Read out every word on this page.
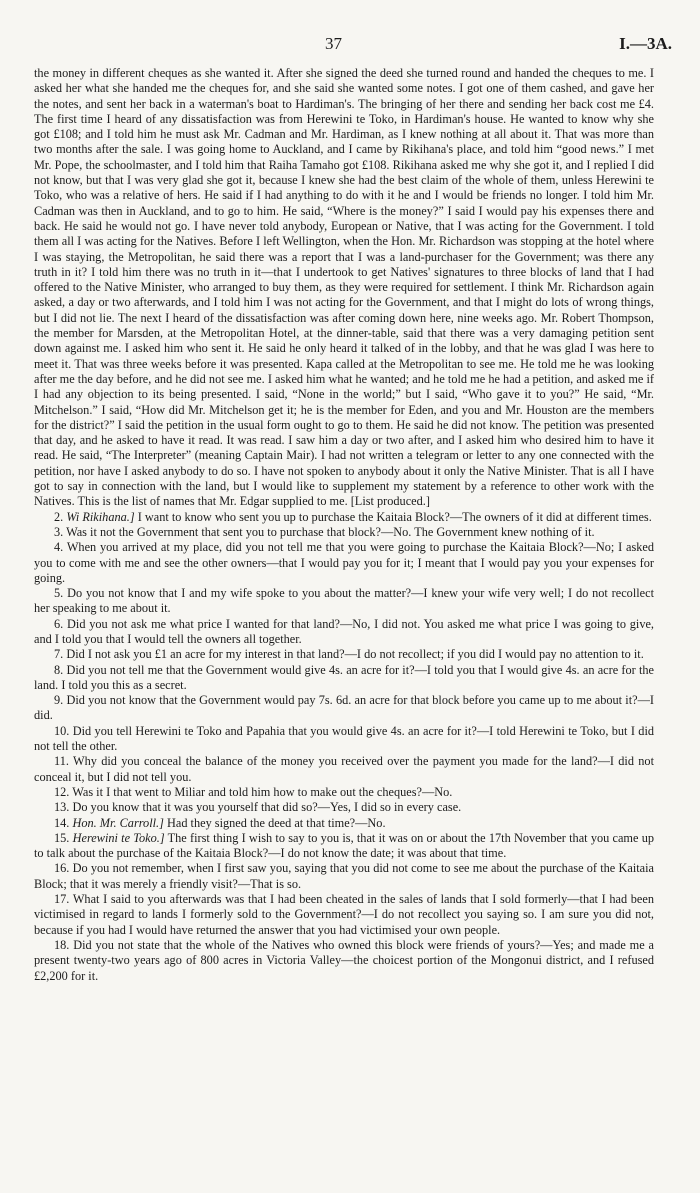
37	I.—3A.

the money in different cheques as she wanted it. After she signed the deed she turned round and handed the cheques to me. I asked her what she handed me the cheques for, and she said she wanted some notes. I got one of them cashed, and gave her the notes, and sent her back in a waterman's boat to Hardiman's. The bringing of her there and sending her back cost me £4. The first time I heard of any dissatisfaction was from Herewini te Toko, in Hardiman's house. He wanted to know why she got £108; and I told him he must ask Mr. Cadman and Mr. Hardiman, as I knew nothing at all about it. That was more than two months after the sale. I was going home to Auckland, and I came by Rikihana's place, and told him “good news.” I met Mr. Pope, the schoolmaster, and I told him that Raiha Tamaho got £108. Rikihana asked me why she got it, and I replied I did not know, but that I was very glad she got it, because I knew she had the best claim of the whole of them, unless Herewini te Toko, who was a relative of hers. He said if I had anything to do with it he and I would be friends no longer. I told him Mr. Cadman was then in Auckland, and to go to him. He said, “Where is the money?” I said I would pay his expenses there and back. He said he would not go. I have never told anybody, European or Native, that I was acting for the Government. I told them all I was acting for the Natives. Before I left Wellington, when the Hon. Mr. Richardson was stopping at the hotel where I was staying, the Metropolitan, he said there was a report that I was a land-purchaser for the Government; was there any truth in it? I told him there was no truth in it—that I undertook to get Natives' signatures to three blocks of land that I had offered to the Native Minister, who arranged to buy them, as they were required for settlement. I think Mr. Richardson again asked, a day or two afterwards, and I told him I was not acting for the Government, and that I might do lots of wrong things, but I did not lie. The next I heard of the dissatisfaction was after coming down here, nine weeks ago. Mr. Robert Thompson, the member for Marsden, at the Metropolitan Hotel, at the dinner-table, said that there was a very damaging petition sent down against me. I asked him who sent it. He said he only heard it talked of in the lobby, and that he was glad I was here to meet it. That was three weeks before it was presented. Kapa called at the Metropolitan to see me. He told me he was looking after me the day before, and he did not see me. I asked him what he wanted; and he told me he had a petition, and asked me if I had any objection to its being presented. I said, “None in the world;” but I said, “Who gave it to you?” He said, “Mr. Mitchelson.” I said, “How did Mr. Mitchelson get it; he is the member for Eden, and you and Mr. Houston are the members for the district?” I said the petition in the usual form ought to go to them. He said he did not know. The petition was presented that day, and he asked to have it read. It was read. I saw him a day or two after, and I asked him who desired him to have it read. He said, “The Interpreter” (meaning Captain Mair). I had not written a telegram or letter to any one connected with the petition, nor have I asked anybody to do so. I have not spoken to anybody about it only the Native Minister. That is all I have got to say in connection with the land, but I would like to supplement my statement by a reference to other work with the Natives. This is the list of names that Mr. Edgar supplied to me. [List produced.]

2. Wi Rikihana.] I want to know who sent you up to purchase the Kaitaia Block?—The owners of it did at different times.

3. Was it not the Government that sent you to purchase that block?—No. The Government knew nothing of it.

4. When you arrived at my place, did you not tell me that you were going to purchase the Kaitaia Block?—No; I asked you to come with me and see the other owners—that I would pay you for it; I meant that I would pay you your expenses for going.

5. Do you not know that I and my wife spoke to you about the matter?—I knew your wife very well; I do not recollect her speaking to me about it.

6. Did you not ask me what price I wanted for that land?—No, I did not. You asked me what price I was going to give, and I told you that I would tell the owners all together.

7. Did I not ask you £1 an acre for my interest in that land?—I do not recollect; if you did I would pay no attention to it.

8. Did you not tell me that the Government would give 4s. an acre for it?—I told you that I would give 4s. an acre for the land. I told you this as a secret.

9. Did you not know that the Government would pay 7s. 6d. an acre for that block before you came up to me about it?—I did.

10. Did you tell Herewini te Toko and Papahia that you would give 4s. an acre for it?—I told Herewini te Toko, but I did not tell the other.

11. Why did you conceal the balance of the money you received over the payment you made for the land?—I did not conceal it, but I did not tell you.

12. Was it I that went to Miliar and told him how to make out the cheques?—No.

13. Do you know that it was you yourself that did so?—Yes, I did so in every case.

14. Hon. Mr. Carroll.] Had they signed the deed at that time?—No.

15. Herewini te Toko.] The first thing I wish to say to you is, that it was on or about the 17th November that you came up to talk about the purchase of the Kaitaia Block?—I do not know the date; it was about that time.

16. Do you not remember, when I first saw you, saying that you did not come to see me about the purchase of the Kaitaia Block; that it was merely a friendly visit?—That is so.

17. What I said to you afterwards was that I had been cheated in the sales of lands that I sold formerly—that I had been victimised in regard to lands I formerly sold to the Government?—I do not recollect you saying so. I am sure you did not, because if you had I would have returned the answer that you had victimised your own people.

18. Did you not state that the whole of the Natives who owned this block were friends of yours?—Yes; and made me a present twenty-two years ago of 800 acres in Victoria Valley—the choicest portion of the Mongonui district, and I refused £2,200 for it.
